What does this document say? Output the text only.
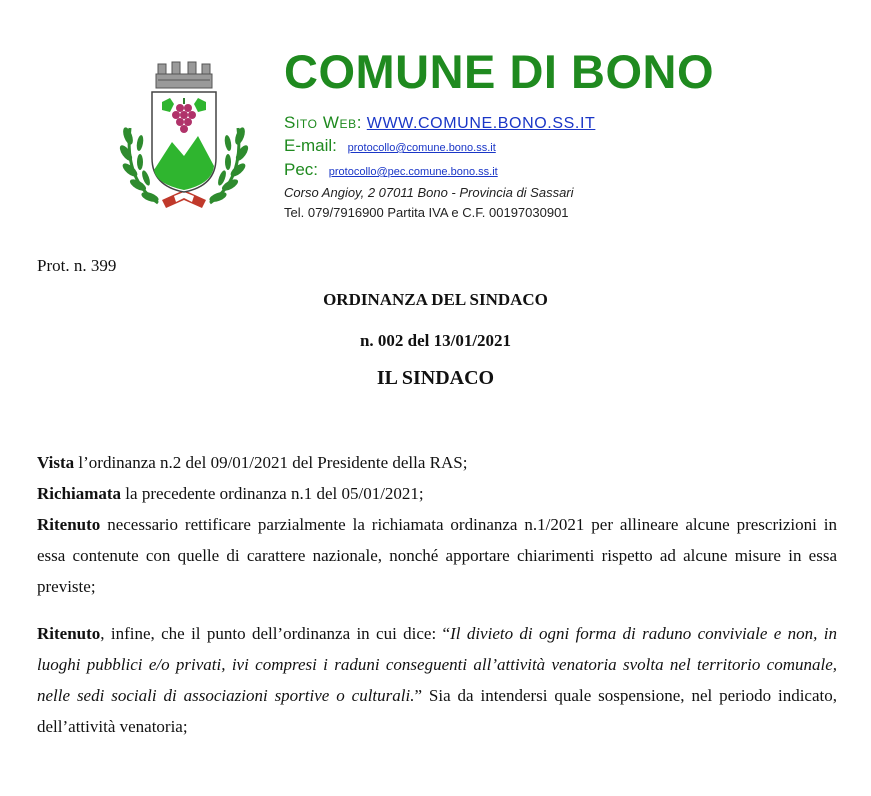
COMUNE DI BONO
Sito Web: WWW.COMUNE.BONO.SS.IT
E-mail: protocollo@comune.bono.ss.it
Pec: protocollo@pec.comune.bono.ss.it
Corso Angioy, 2 07011 Bono - Provincia di Sassari
Tel. 079/7916900 Partita IVA e C.F. 00197030901
Prot. n. 399
ORDINANZA DEL SINDACO
n. 002 del 13/01/2021
IL SINDACO

Vista l’ordinanza n.2 del 09/01/2021 del Presidente della RAS;

Richiamata la precedente ordinanza n.1 del 05/01/2021;

Ritenuto necessario rettificare parzialmente la richiamata ordinanza n.1/2021 per allineare alcune prescrizioni in essa contenute con quelle di carattere nazionale, nonché apportare chiarimenti rispetto ad alcune misure in essa previste;

Ritenuto, infine, che il punto dell’ordinanza in cui dice: “Il divieto di ogni forma di raduno conviviale e non, in luoghi pubblici e/o privati, ivi compresi i raduni conseguenti all’attività venatoria svolta nel territorio comunale, nelle sedi sociali di associazioni sportive o culturali.” Sia da intendersi quale sospensione, nel periodo indicato, dell’attività venatoria;
